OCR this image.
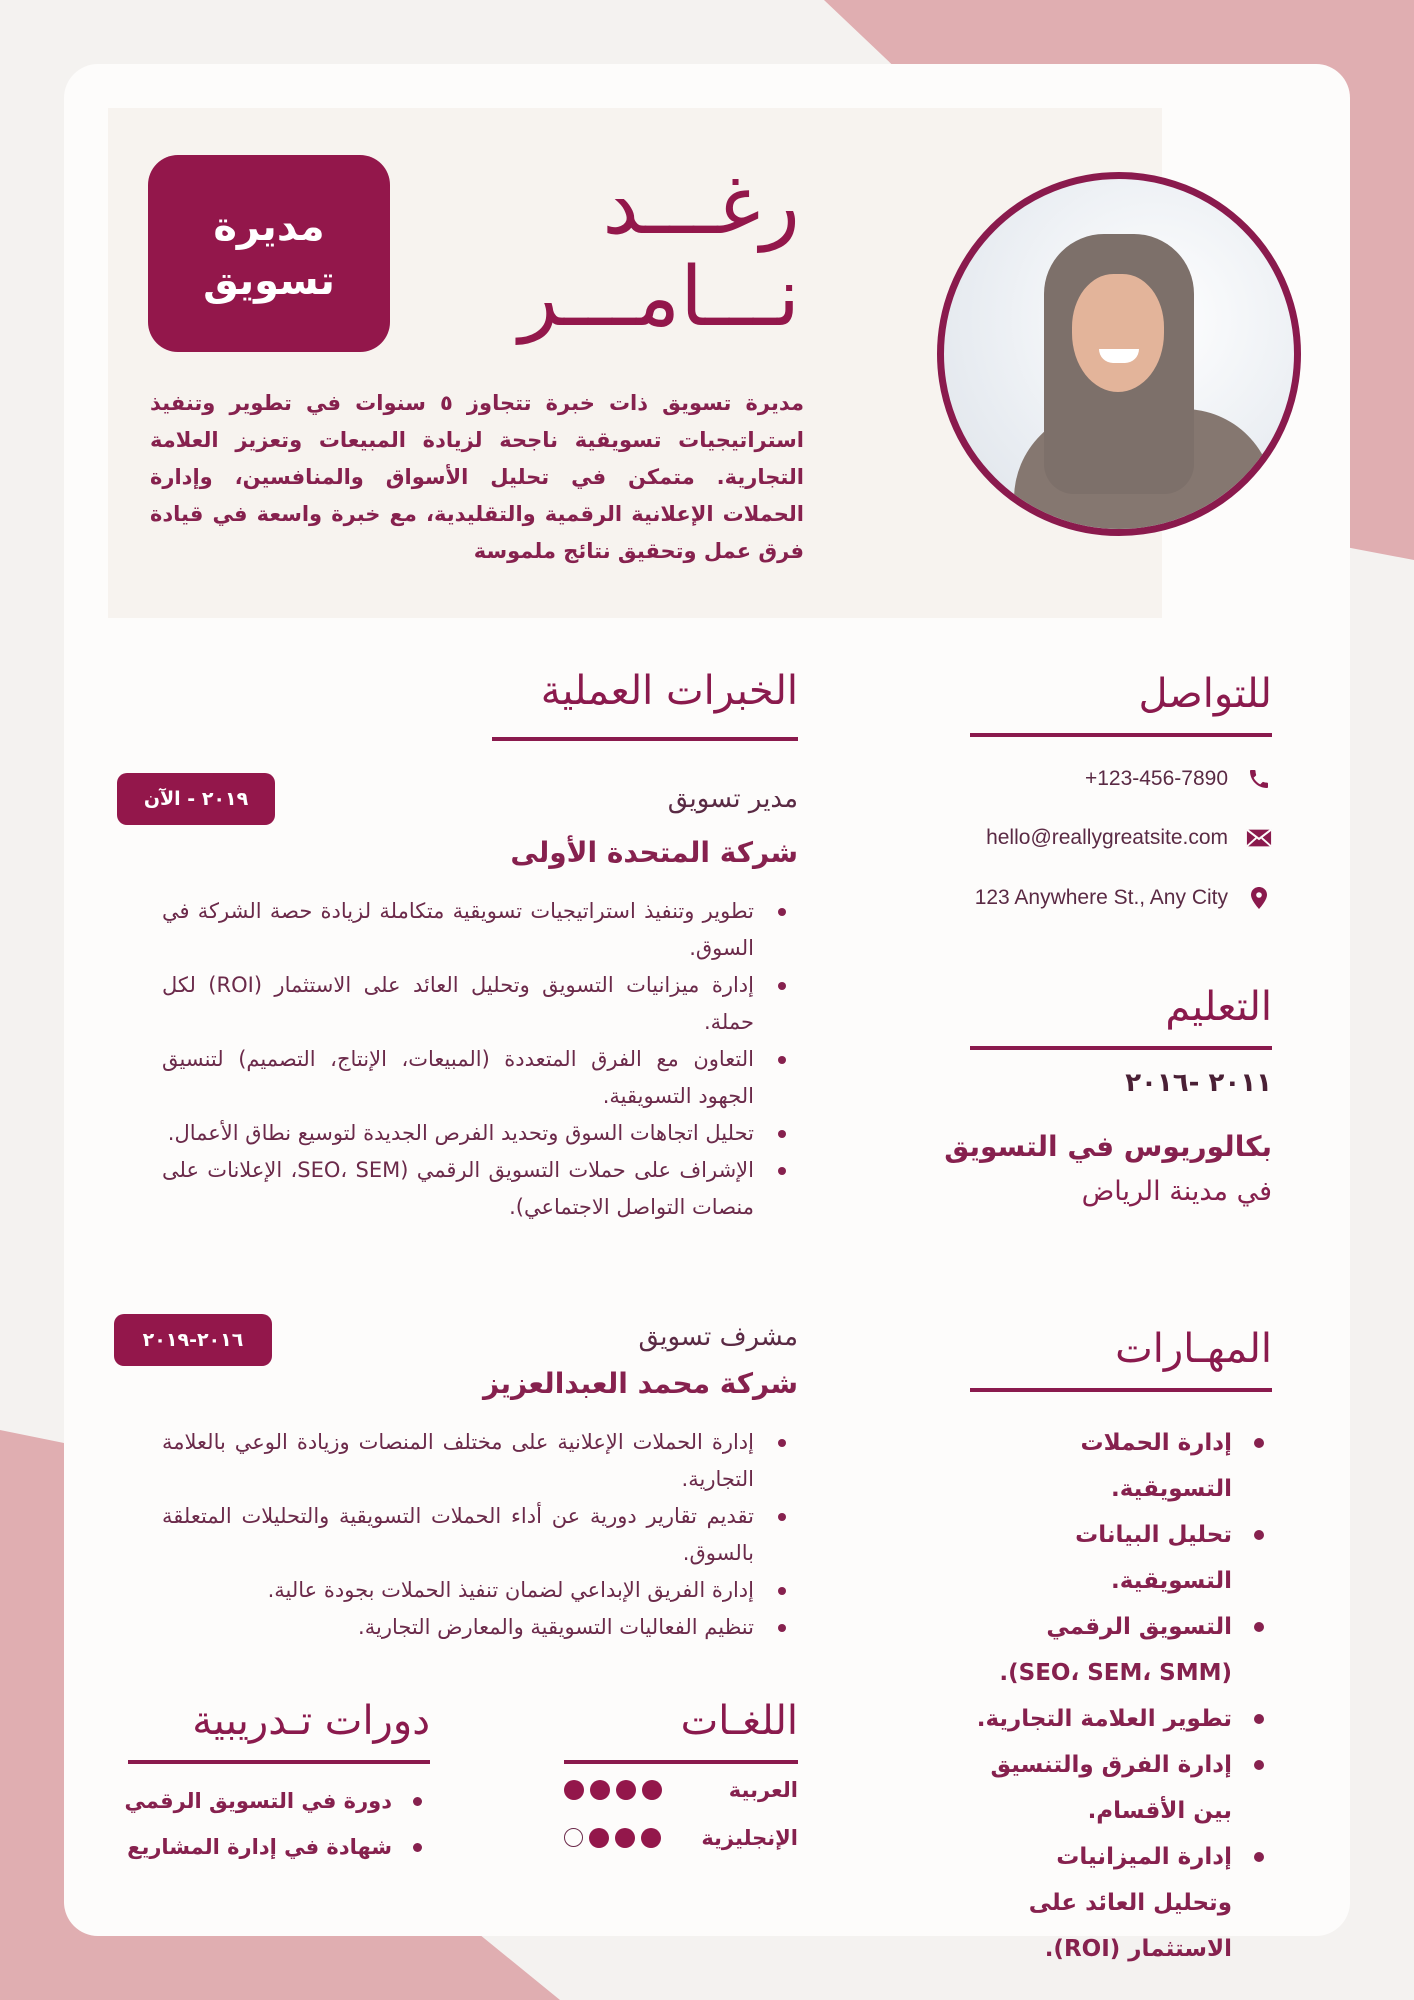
مديرة
تسويق
رغـــد
نـــامـــر

مديرة تسويق ذات خبرة تتجاوز ٥ سنوات في تطوير وتنفيذ استراتيجيات تسويقية ناجحة لزيادة المبيعات وتعزيز العلامة التجارية. متمكن في تحليل الأسواق والمنافسين، وإدارة الحملات الإعلانية الرقمية والتقليدية، مع خبرة واسعة في قيادة فرق عمل وتحقيق نتائج ملموسة

للتواصل
+123-456-7890
hello@reallygreatsite.com
123 Anywhere St., Any City
التعليم
٢٠١١ -٢٠١٦
بكالوريوس في التسويق
في مدينة الرياض
المهـارات
إدارة الحملات التسويقية.
تحليل البيانات التسويقية.
التسويق الرقمي (SEO، SEM، SMM).
تطوير العلامة التجارية.
إدارة الفرق والتنسيق بين الأقسام.
إدارة الميزانيات وتحليل العائد على الاستثمار (ROI).
الخبرات العملية
٢٠١٩ - الآن	مدير تسويق
شركة المتحدة الأولى
تطوير وتنفيذ استراتيجيات تسويقية متكاملة لزيادة حصة الشركة في السوق.
إدارة ميزانيات التسويق وتحليل العائد على الاستثمار (ROI) لكل حملة.
التعاون مع الفرق المتعددة (المبيعات، الإنتاج، التصميم) لتنسيق الجهود التسويقية.
تحليل اتجاهات السوق وتحديد الفرص الجديدة لتوسيع نطاق الأعمال.
الإشراف على حملات التسويق الرقمي (SEO، SEM، الإعلانات على منصات التواصل الاجتماعي).
٢٠١٦-٢٠١٩	مشرف تسويق
شركة محمد العبدالعزيز
إدارة الحملات الإعلانية على مختلف المنصات وزيادة الوعي بالعلامة التجارية.
تقديم تقارير دورية عن أداء الحملات التسويقية والتحليلات المتعلقة بالسوق.
إدارة الفريق الإبداعي لضمان تنفيذ الحملات بجودة عالية.
تنظيم الفعاليات التسويقية والمعارض التجارية.
اللغـات
العربية
الإنجليزية
دورات تـدريبية
دورة في التسويق الرقمي
شهادة في إدارة المشاريع
